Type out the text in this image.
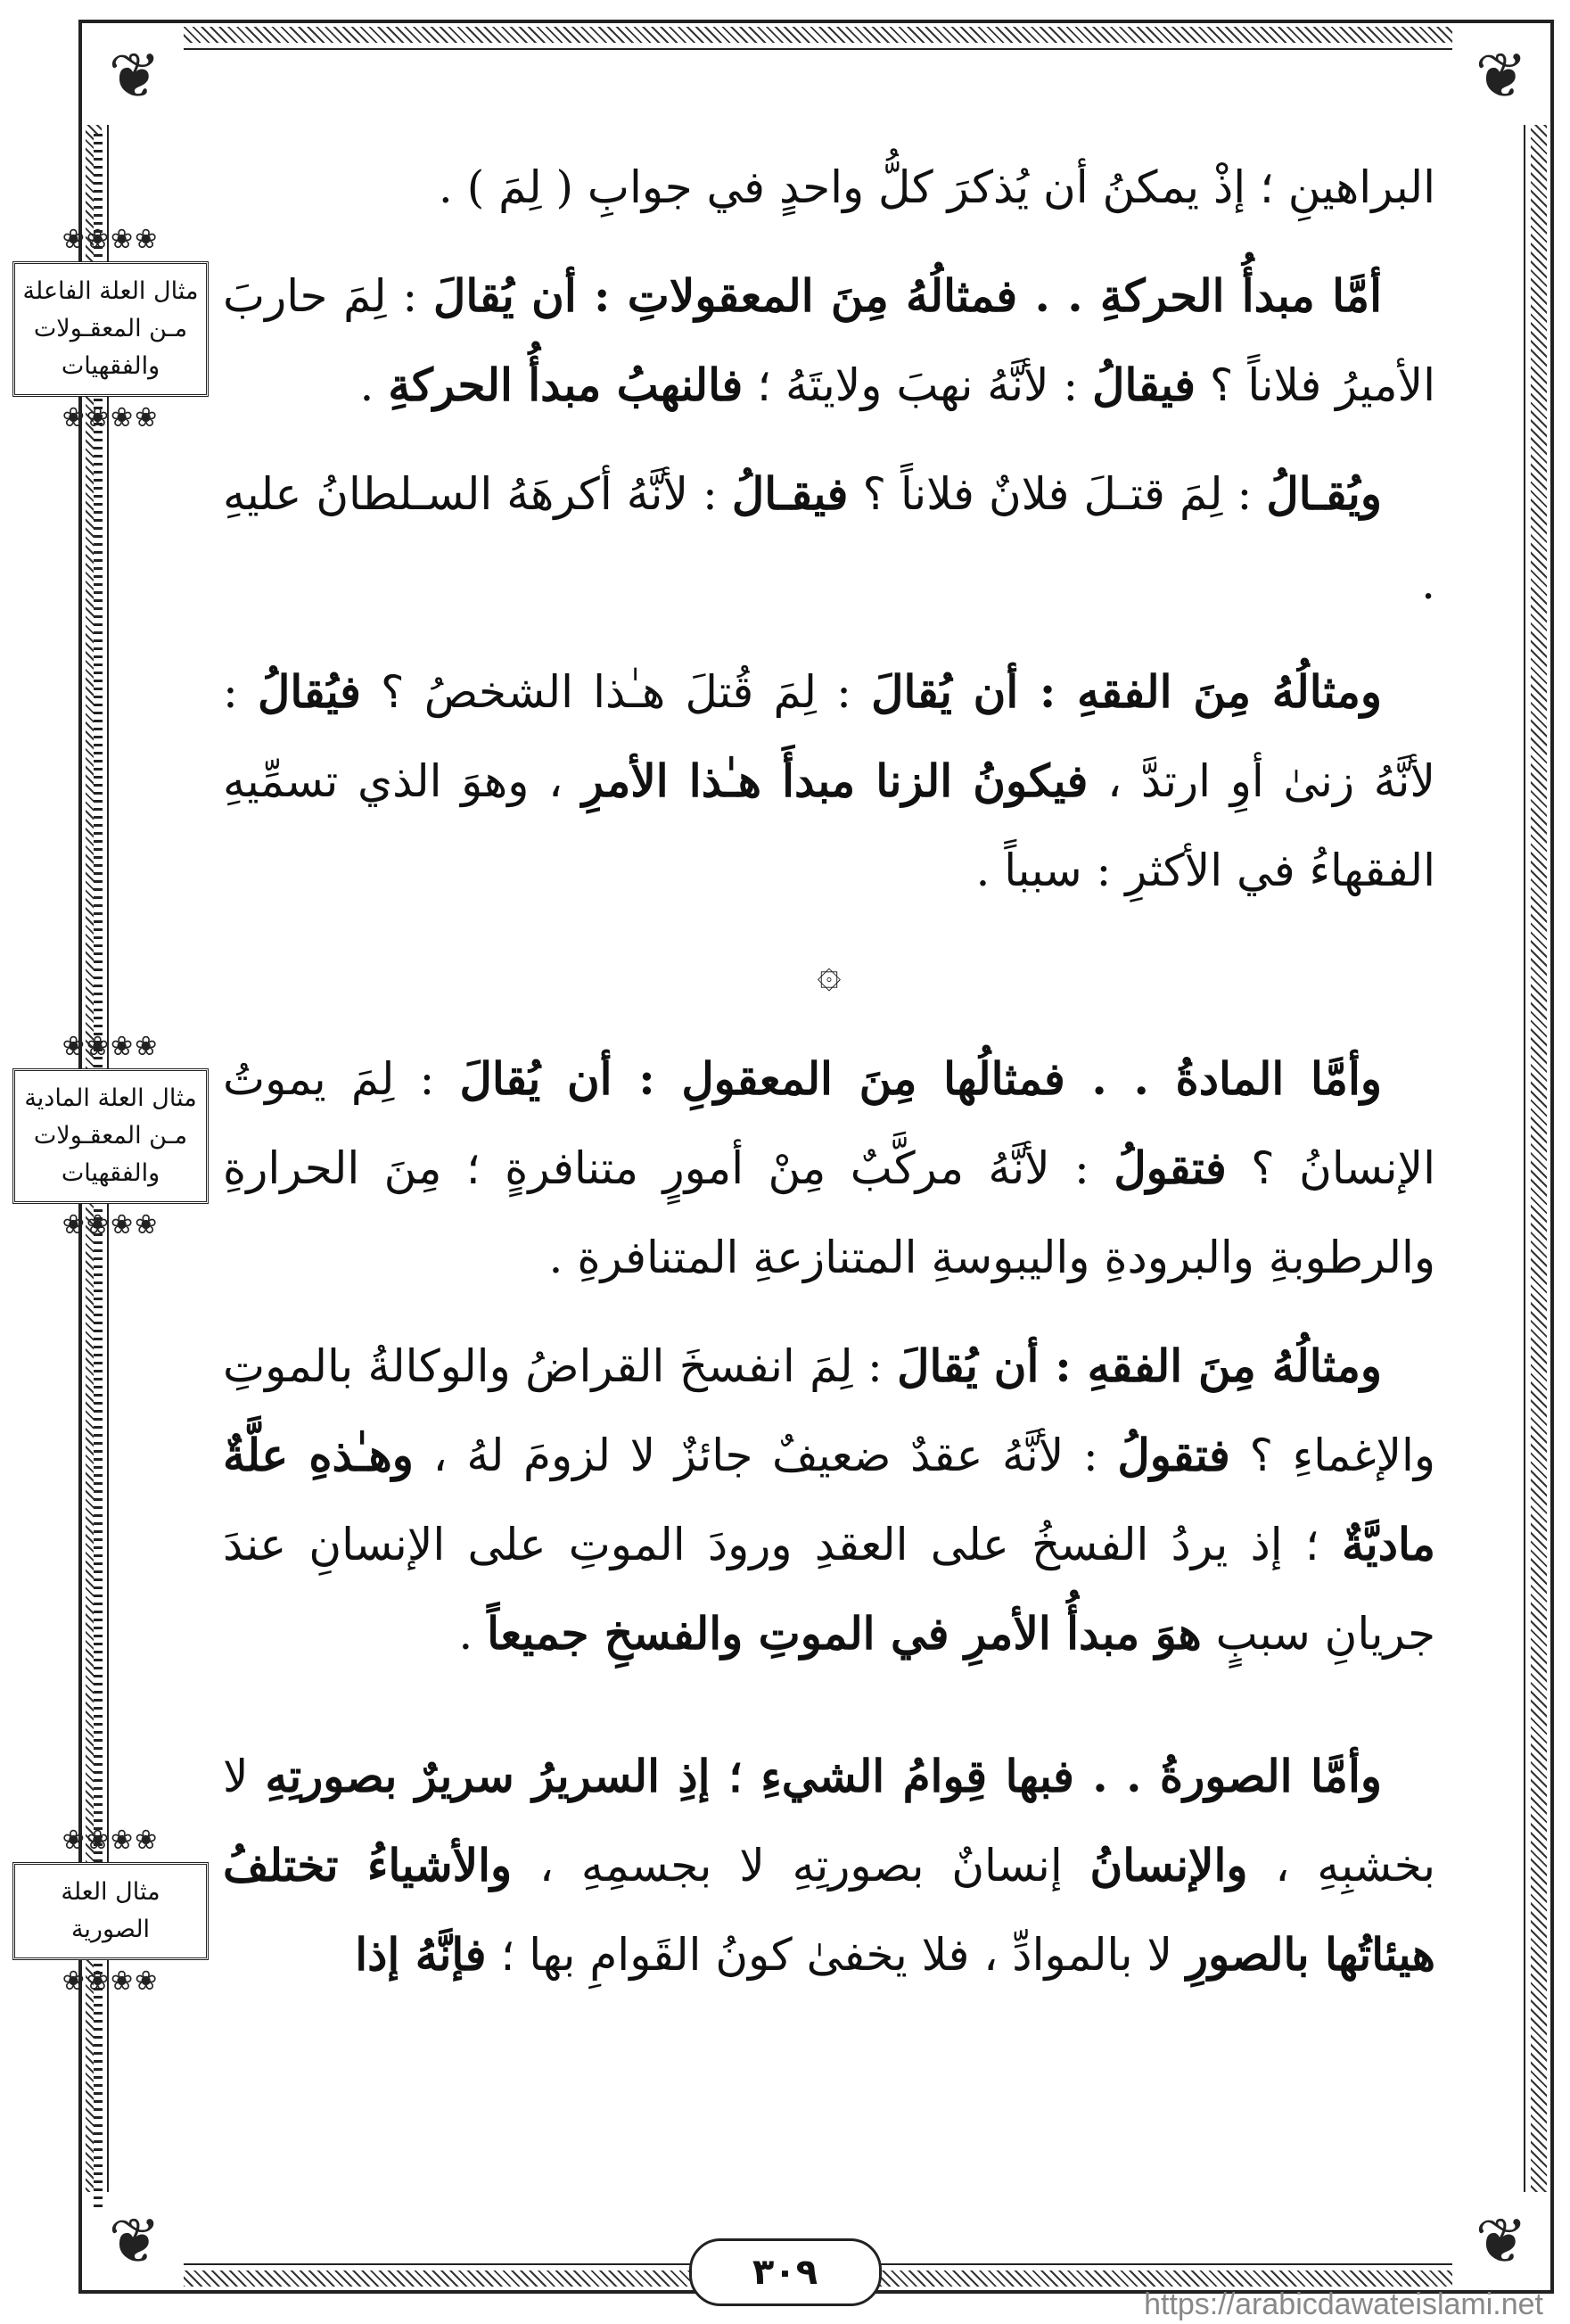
❦	❦
❦	❦
❀❀❀❀
مثال العلة الفاعلة
مـن المعقـولات
والفقهيات
❀❀❀❀
❀❀❀❀
مثال العلة المادية
مـن المعقـولات
والفقهيات
❀❀❀❀
❀❀❀❀
مثال العلة الصورية
❀❀❀❀

البراهينِ ؛ إذْ يمكنُ أن يُذكرَ كلُّ واحدٍ في جوابِ ( لِمَ ) .

أمَّا مبدأُ الحركةِ . . فمثالُهُ مِنَ المعقولاتِ : أن يُقالَ : لِمَ حاربَ الأميرُ فلاناً ؟ فيقالُ : لأنَّهُ نهبَ ولايتَهُ ؛ فالنهبُ مبدأُ الحركةِ .

ويُقـالُ : لِمَ قتـلَ فلانٌ فلاناً ؟ فيقـالُ : لأنَّهُ أكرهَهُ السـلطانُ عليهِ .

ومثالُهُ مِنَ الفقهِ : أن يُقالَ : لِمَ قُتلَ هـٰذا الشخصُ ؟ فيُقالُ : لأنَّهُ زنىٰ أوِ ارتدَّ ، فيكونُ الزنا مبدأَ هـٰذا الأمرِ ، وهوَ الذي تسمِّيهِ الفقهاءُ في الأكثرِ : سبباً .

۞

وأمَّا المادةُ . . فمثالُها مِنَ المعقولِ : أن يُقالَ : لِمَ يموتُ الإنسانُ ؟ فتقولُ : لأنَّهُ مركَّبٌ مِنْ أمورٍ متنافرةٍ ؛ مِنَ الحرارةِ والرطوبةِ والبرودةِ واليبوسةِ المتنازعةِ المتنافرةِ .

ومثالُهُ مِنَ الفقهِ : أن يُقالَ : لِمَ انفسخَ القراضُ والوكالةُ بالموتِ والإغماءِ ؟ فتقولُ : لأنَّهُ عقدٌ ضعيفٌ جائزٌ لا لزومَ لهُ ، وهـٰذهِ علَّةٌ ماديَّةٌ ؛ إذ يردُ الفسخُ على العقدِ ورودَ الموتِ على الإنسانِ عندَ جريانِ سببٍ هوَ مبدأُ الأمرِ في الموتِ والفسخِ جميعاً .

وأمَّا الصورةُ . . فبها قِوامُ الشيءِ ؛ إذِ السريرُ سريرٌ بصورتِهِ لا بخشبِهِ ، والإنسانُ إنسانٌ بصورتِهِ لا بجسمِهِ ، والأشياءُ تختلفُ هيئاتُها بالصورِ لا بالموادِّ ، فلا يخفىٰ كونُ القَوامِ بها ؛ فإنَّهُ إذا

٣٠٩
https://arabicdawateislami.net
